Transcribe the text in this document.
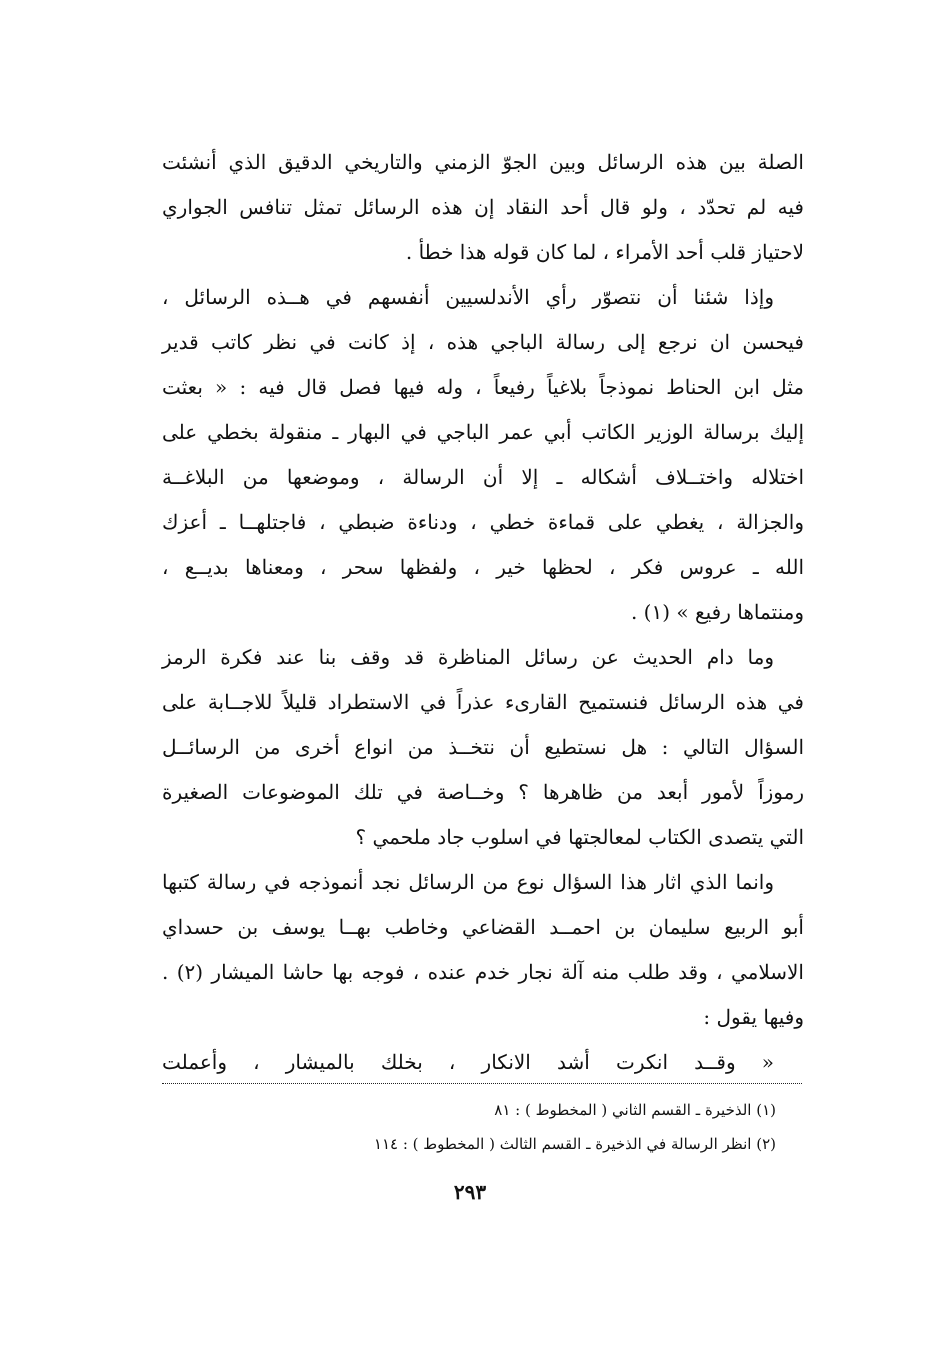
الصلة بين هذه الرسائل وبين الجوّ الزمني والتاريخي الدقيق الذي أنشئت
فيه لم تحدّد ، ولو قال أحد النقاد إن هذه الرسائل تمثل تنافس الجواري
لاحتياز قلب أحد الأمراء ، لما كان قوله هذا خطأ .
وإذا شئنا أن نتصوّر رأي الأندلسيين أنفسهم في هــذه الرسائل ،
فيحسن ان نرجع إلى رسالة الباجي هذه ، إذ كانت في نظر كاتب قدير
مثل ابن الحناط نموذجاً بلاغياً رفيعاً ، وله فيها فصل قال فيه : « بعثت
إليك برسالة الوزير الكاتب أبي عمر الباجي في البهار ـ منقولة بخطي على
اختلاله واختــلاف أشكاله ـ إلا أن الرسالة ، وموضعها من البلاغــة
والجزالة ، يغطي على قماءة خطي ، ودناءة ضبطي ، فاجتلهــا ـ أعزك
الله ـ عروس فكر ، لحظها خير ، ولفظها سحر ، ومعناها بديــع ،
ومنتماها رفيع » (١) .
وما دام الحديث عن رسائل المناظرة قد وقف بنا عند فكرة الرمز
في هذه الرسائل فنستميح القارىء عذراً في الاستطراد قليلاً للاجــابة على
السؤال التالي : هل نستطيع أن نتخــذ من انواع أخرى من الرسائــل
رموزاً لأمور أبعد من ظاهرها ؟ وخــاصة في تلك الموضوعات الصغيرة
التي يتصدى الكتاب لمعالجتها في اسلوب جاد ملحمي ؟
وانما الذي اثار هذا السؤال نوع من الرسائل نجد أنموذجه في رسالة كتبها
أبو الربيع سليمان بن احمــد القضاعي وخاطب بهــا يوسف بن حسداي
الاسلامي ، وقد طلب منه آلة نجار خدم عنده ، فوجه بها حاشا الميشار (٢) .
وفيها يقول :
« وقــد انكرت أشد الانكار ، بخلك بالميشار ، وأعملت
(١) الذخيرة ـ القسم الثاني ( المخطوط ) : ٨١
(٢) انظر الرسالة في الذخيرة ـ القسم الثالث ( المخطوط ) : ١١٤
٢٩٣
